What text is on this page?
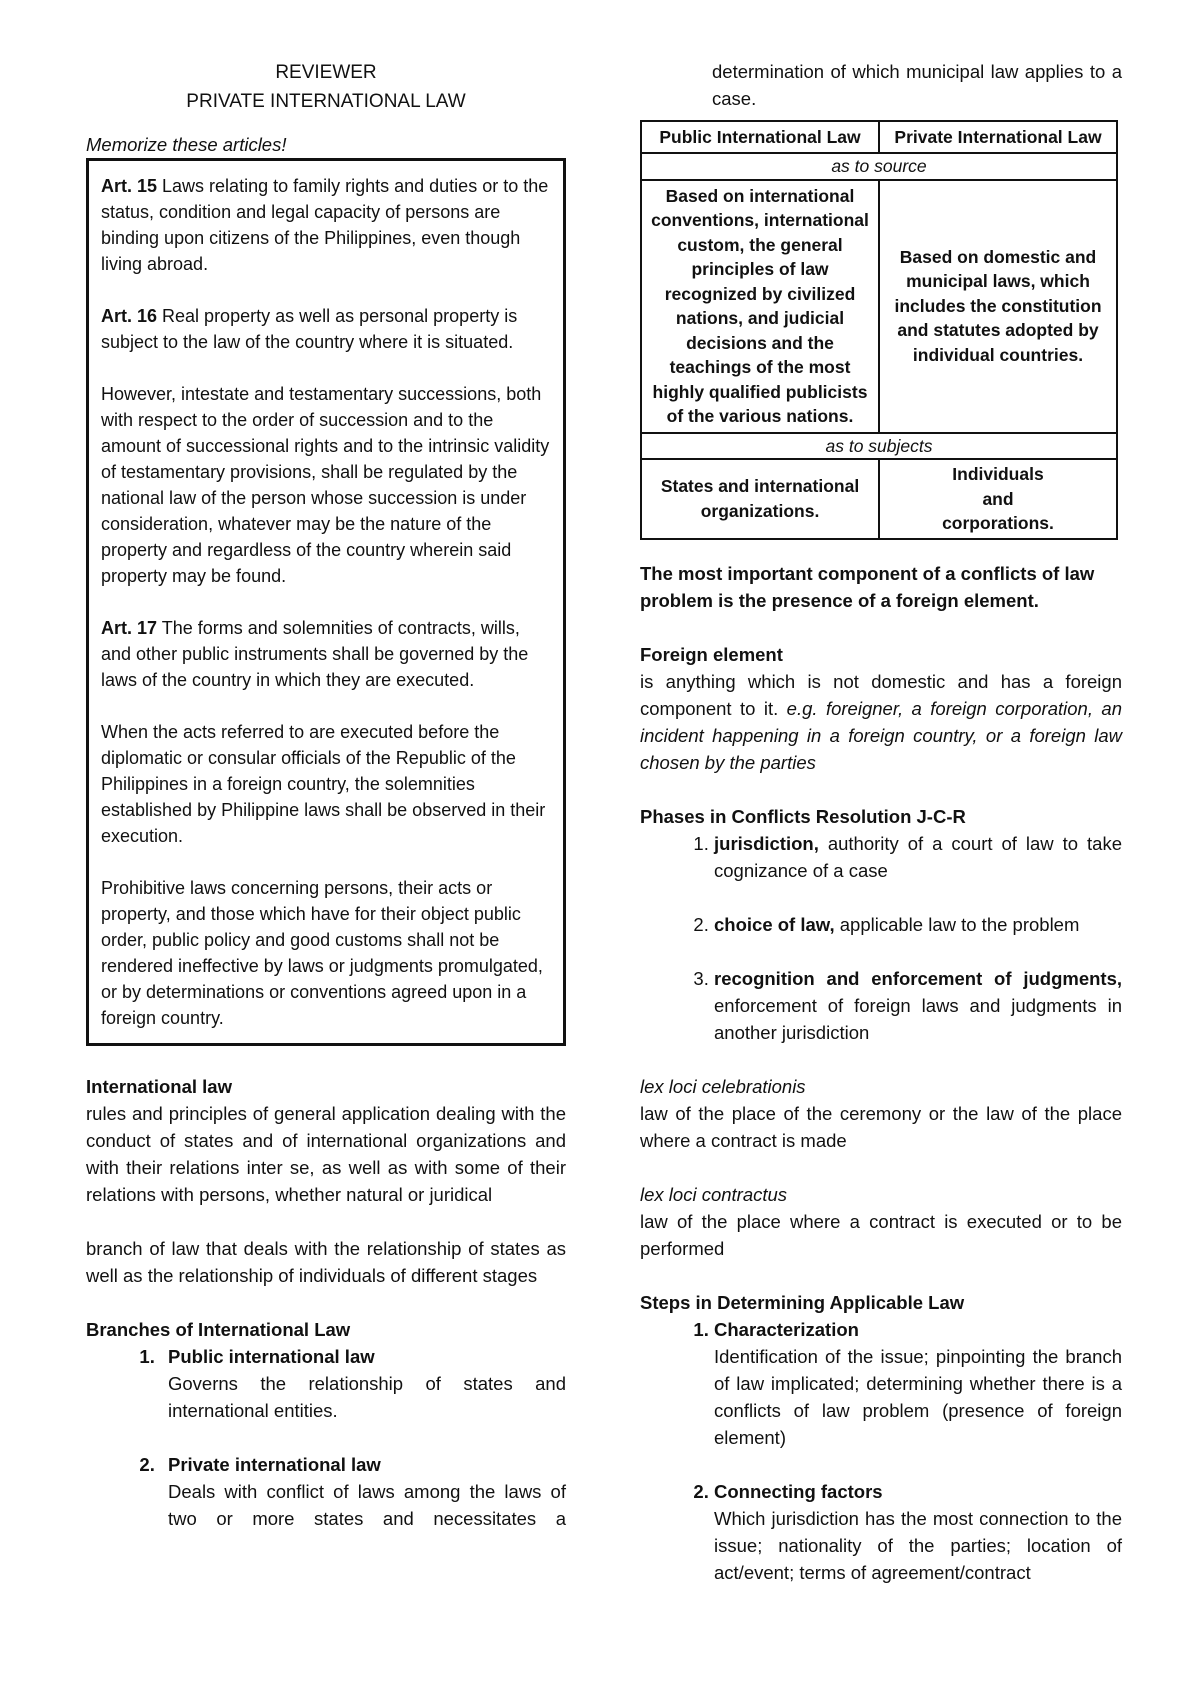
REVIEWER
PRIVATE INTERNATIONAL LAW

Memorize these articles!

Art. 15 Laws relating to family rights and duties or to the status, condition and legal capacity of persons are binding upon citizens of the Philippines, even though living abroad.

Art. 16 Real property as well as personal property is subject to the law of the country where it is situated.

However, intestate and testamentary successions, both with respect to the order of succession and to the amount of successional rights and to the intrinsic validity of testamentary provisions, shall be regulated by the national law of the person whose succession is under consideration, whatever may be the nature of the property and regardless of the country wherein said property may be found.

Art. 17 The forms and solemnities of contracts, wills, and other public instruments shall be governed by the laws of the country in which they are executed.

When the acts referred to are executed before the diplomatic or consular officials of the Republic of the Philippines in a foreign country, the solemnities established by Philippine laws shall be observed in their execution.

Prohibitive laws concerning persons, their acts or property, and those which have for their object public order, public policy and good customs shall not be rendered ineffective by laws or judgments promulgated, or by determinations or conventions agreed upon in a foreign country.

International law

rules and principles of general application dealing with the conduct of states and of international organizations and with their relations inter se, as well as with some of their relations with persons, whether natural or juridical

branch of law that deals with the relationship of states as well as the relationship of individuals of different stages

Branches of International Law

1. Public international law
Governs the relationship of states and international entities.
2. Private international law
Deals with conflict of laws among the laws of two or more states and necessitates a

determination of which municipal law applies to a case.

Public International Law	Private International Law
as to source	
Based on international conventions, international custom, the general principles of law recognized by civilized nations, and judicial decisions and the teachings of the most highly qualified publicists of the various nations.	Based on domestic and municipal laws, which includes the constitution and statutes adopted by individual countries.
as to subjects	
States and international organizations.	Individuals and corporations.

The most important component of a conflicts of law problem is the presence of a foreign element.

Foreign element

is anything which is not domestic and has a foreign component to it. e.g. foreigner, a foreign corporation, an incident happening in a foreign country, or a foreign law chosen by the parties

Phases in Conflicts Resolution J-C-R

1. jurisdiction, authority of a court of law to take cognizance of a case
2. choice of law, applicable law to the problem
3. recognition and enforcement of judgments, enforcement of foreign laws and judgments in another jurisdiction

lex loci celebrationis

law of the place of the ceremony or the law of the place where a contract is made

lex loci contractus

law of the place where a contract is executed or to be performed

Steps in Determining Applicable Law

1. Characterization
Identification of the issue; pinpointing the branch of law implicated; determining whether there is a conflicts of law problem (presence of foreign element)
2. Connecting factors
Which jurisdiction has the most connection to the issue; nationality of the parties; location of act/event; terms of agreement/contract
